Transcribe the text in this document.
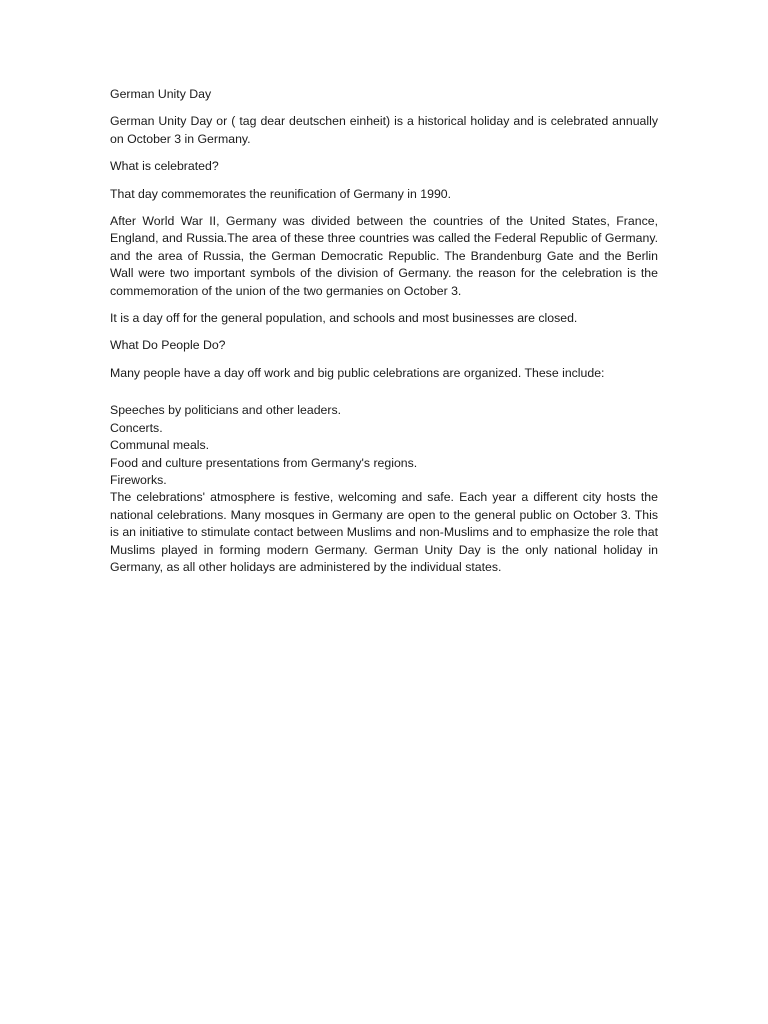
German Unity Day

German Unity Day or ( tag dear deutschen einheit) is a historical holiday and is celebrated annually on October 3 in Germany.

What is celebrated?

That day commemorates the reunification of Germany in 1990.

After World War II, Germany was divided between the countries of the United States, France, England, and Russia.The area of these three countries was called the Federal Republic of Germany. and the area of Russia, the German Democratic Republic. The Brandenburg Gate and the Berlin Wall were two important symbols of the division of Germany. the reason for the celebration is the commemoration of the union of the two germanies on October 3.

It is a day off for the general population, and schools and most businesses are closed.

What Do People Do?

Many people have a day off work and big public celebrations are organized. These include:

Speeches by politicians and other leaders.
Concerts.
Communal meals.
Food and culture presentations from Germany's regions.
Fireworks.

The celebrations' atmosphere is festive, welcoming and safe. Each year a different city hosts the national celebrations. Many mosques in Germany are open to the general public on October 3. This is an initiative to stimulate contact between Muslims and non-Muslims and to emphasize the role that Muslims played in forming modern Germany. German Unity Day is the only national holiday in Germany, as all other holidays are administered by the individual states.
